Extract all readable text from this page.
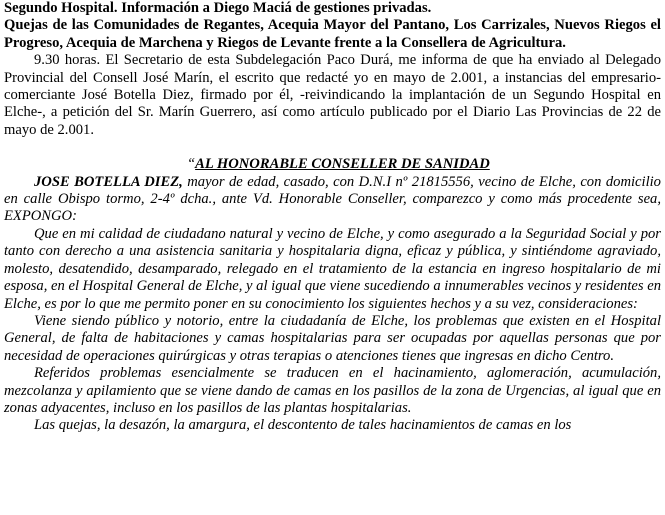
Segundo Hospital. Información a Diego Maciá de gestiones privadas.

Quejas de las Comunidades de Regantes, Acequia Mayor del Pantano, Los Carrizales, Nuevos Riegos el Progreso, Acequia de Marchena y Riegos de Levante frente a la Consellera de Agricultura.

9.30 horas. El Secretario de esta Subdelegación Paco Durá, me informa de que ha enviado al Delegado Provincial del Consell José Marín, el escrito que redacté yo en mayo de 2.001, a instancias del empresario-comerciante José Botella Diez, firmado por él, -reivindicando la implantación de un Segundo Hospital en Elche-, a petición del Sr. Marín Guerrero, así como artículo publicado por el Diario Las Provincias de 22 de mayo de 2.001.

“AL HONORABLE CONSELLER DE SANIDAD

JOSE BOTELLA DIEZ, mayor de edad, casado, con D.N.I nº 21815556, vecino de Elche, con domicilio en calle Obispo tormo, 2-4º dcha., ante Vd. Honorable Conseller, comparezco y como más procedente sea, EXPONGO:

Que en mi calidad de ciudadano natural y vecino de Elche, y como asegurado a la Seguridad Social y por tanto con derecho a una asistencia sanitaria y hospitalaria digna, eficaz y pública, y sintiéndome agraviado, molesto, desatendido, desamparado, relegado en el tratamiento de la estancia en ingreso hospitalario de mi esposa, en el Hospital General de Elche, y al igual que viene sucediendo a innumerables vecinos y residentes en Elche, es por lo que me permito poner en su conocimiento los siguientes hechos y a su vez, consideraciones:

Viene siendo público y notorio, entre la ciudadanía de Elche, los problemas que existen en el Hospital General, de falta de habitaciones y camas hospitalarias para ser ocupadas por aquellas personas que por necesidad de operaciones quirúrgicas y otras terapias o atenciones tienes que ingresas en dicho Centro.

Referidos problemas esencialmente se traducen en el hacinamiento, aglomeración, acumulación, mezcolanza y apilamiento que se viene dando de camas en los pasillos de la zona de Urgencias, al igual que en zonas adyacentes, incluso en los pasillos de las plantas hospitalarias.

Las quejas, la desazón, la amargura, el descontento de tales hacinamientos de camas en los
